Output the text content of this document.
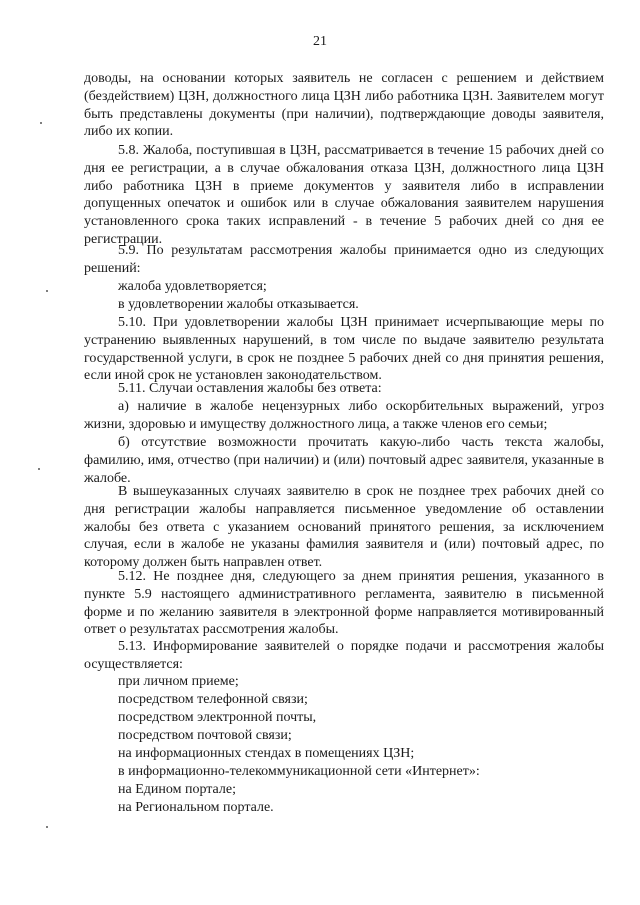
21

доводы, на основании которых заявитель не согласен с решением и действием (бездействием) ЦЗН, должностного лица ЦЗН либо работника ЦЗН. Заявителем могут быть представлены документы (при наличии), подтверждающие доводы заявителя, либо их копии.

5.8. Жалоба, поступившая в ЦЗН, рассматривается в течение 15 рабочих дней со дня ее регистрации, а в случае обжалования отказа ЦЗН, должностного лица ЦЗН либо работника ЦЗН в приеме документов у заявителя либо в исправлении допущенных опечаток и ошибок или в случае обжалования заявителем нарушения установленного срока таких исправлений - в течение 5 рабочих дней со дня ее регистрации.

5.9. По результатам рассмотрения жалобы принимается одно из следующих решений:

жалоба удовлетворяется;

в удовлетворении жалобы отказывается.

5.10. При удовлетворении жалобы ЦЗН принимает исчерпывающие меры по устранению выявленных нарушений, в том числе по выдаче заявителю результата государственной услуги, в срок не позднее 5 рабочих дней со дня принятия решения, если иной срок не установлен законодательством.

5.11. Случаи оставления жалобы без ответа:

а) наличие в жалобе нецензурных либо оскорбительных выражений, угроз жизни, здоровью и имуществу должностного лица, а также членов его семьи;

б) отсутствие возможности прочитать какую-либо часть текста жалобы, фамилию, имя, отчество (при наличии) и (или) почтовый адрес заявителя, указанные в жалобе.

В вышеуказанных случаях заявителю в срок не позднее трех рабочих дней со дня регистрации жалобы направляется письменное уведомление об оставлении жалобы без ответа с указанием оснований принятого решения, за исключением случая, если в жалобе не указаны фамилия заявителя и (или) почтовый адрес, по которому должен быть направлен ответ.

5.12. Не позднее дня, следующего за днем принятия решения, указанного в пункте 5.9 настоящего административного регламента, заявителю в письменной форме и по желанию заявителя в электронной форме направляется мотивированный ответ о результатах рассмотрения жалобы.

5.13. Информирование заявителей о порядке подачи и рассмотрения жалобы осуществляется:

при личном приеме;

посредством телефонной связи;

посредством электронной почты,

посредством почтовой связи;

на информационных стендах в помещениях ЦЗН;

в информационно-телекоммуникационной сети «Интернет»:

на Едином портале;

на Региональном портале.
